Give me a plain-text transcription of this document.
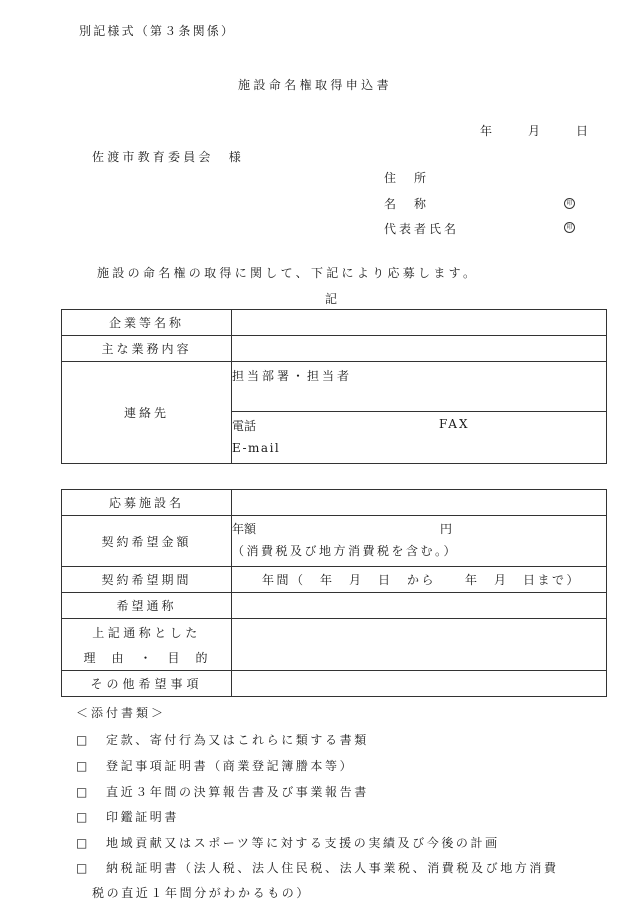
別記様式（第３条関係）
施設命名権取得申込書
年	月	日
佐渡市教育委員会　様
住　所
名　称	印
代表者氏名	印
施設の命名権の取得に関して、下記により応募します。
記
企業等名称	
主な業務内容	
連絡先	担当部署・担当者

	電話 FAX
E-mail
応募施設名	
契約希望金額	年額 円
（消費税及び地方消費税を含む。）

契約希望期間	年間（　年　月　日　から　　年　月　日まで）
希望通称	

上記通称とした
理　由　・　目　的	

その他希望事項	
＜添付書類＞
□ 定款、寄付行為又はこれらに類する書類
□ 登記事項証明書（商業登記簿謄本等）
□ 直近３年間の決算報告書及び事業報告書
□ 印鑑証明書
□ 地域貢献又はスポーツ等に対する支援の実績及び今後の計画
□ 納税証明書（法人税、法人住民税、法人事業税、消費税及び地方消費
税の直近１年間分がわかるもの）
